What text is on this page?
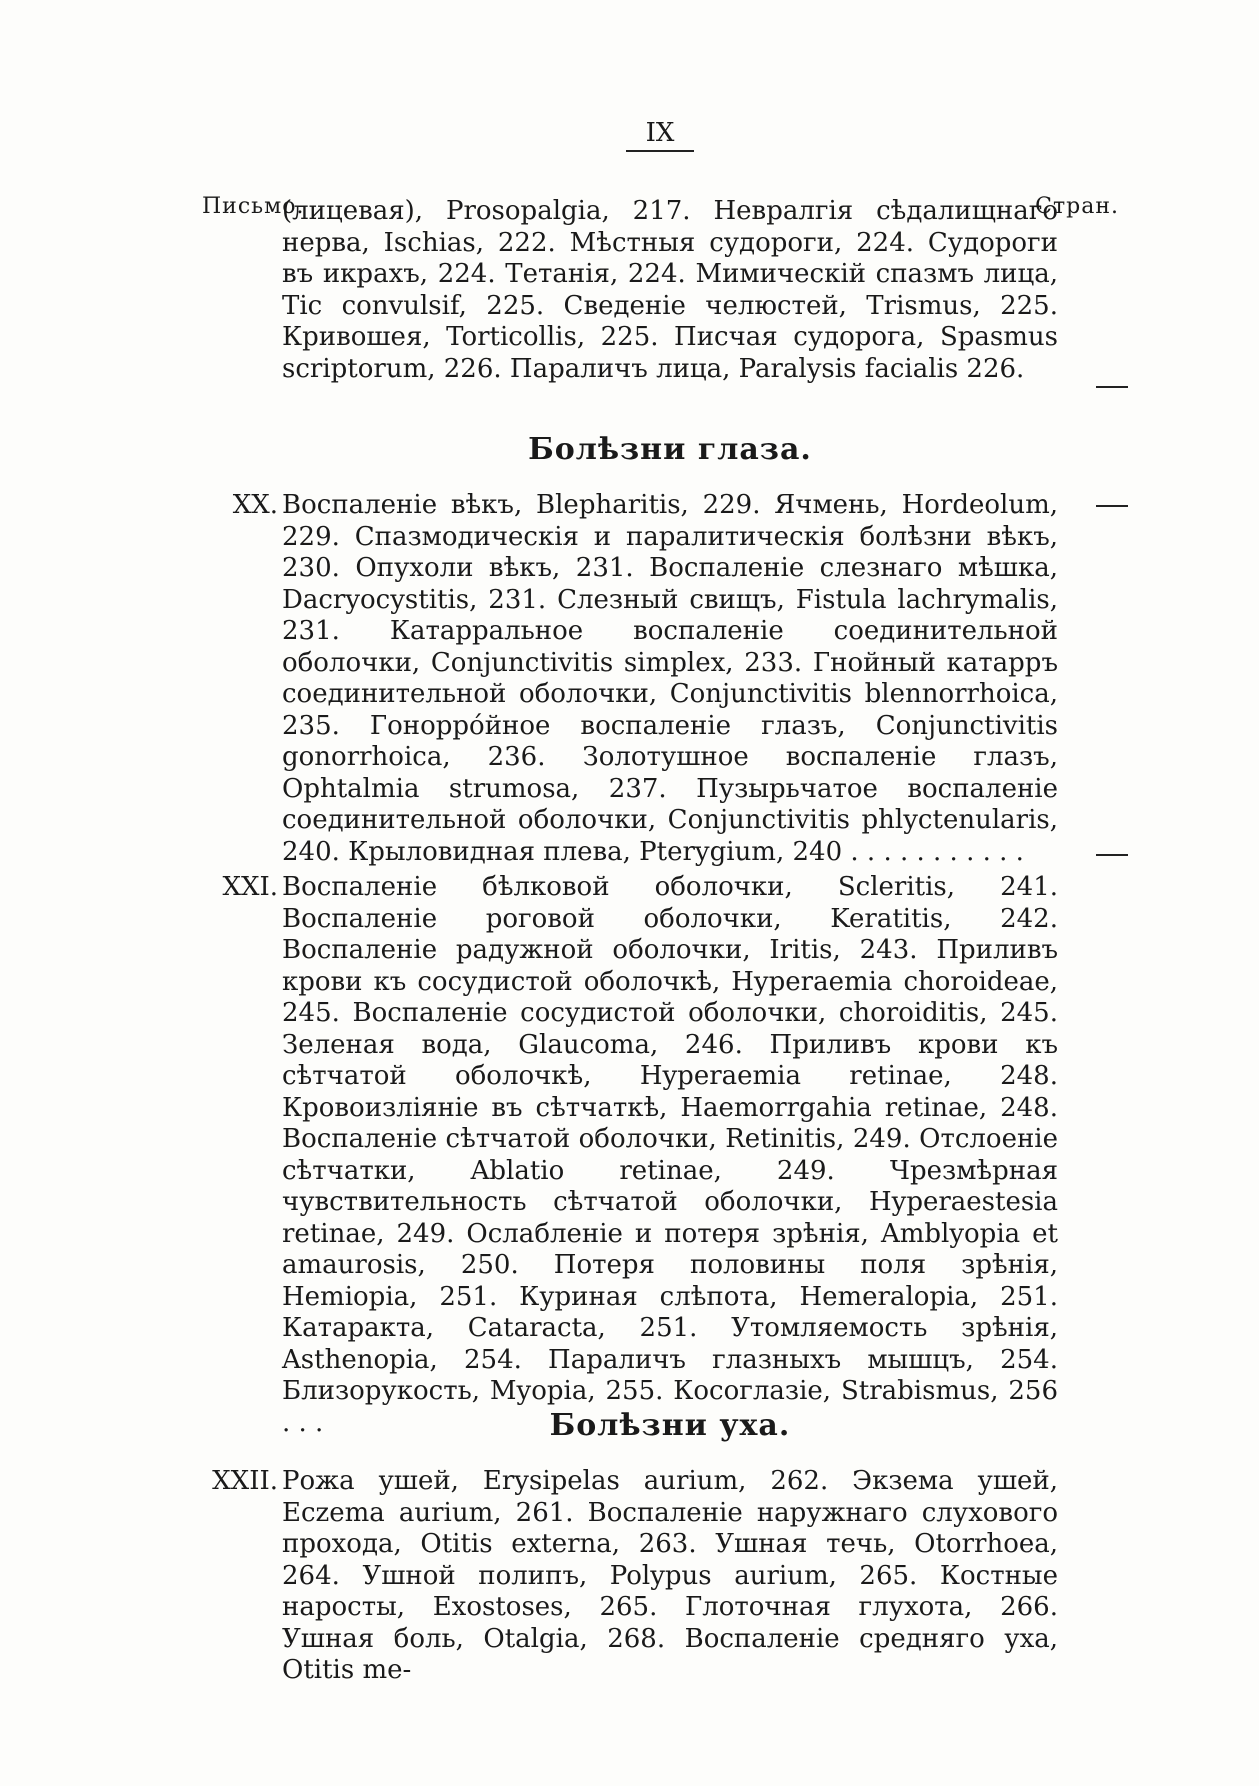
IX
Письмо.	Стран.
(лицевая), Prosopalgia, 217. Невралгія сѣдалищнаго нерва, Ischias, 222. Мѣстныя судороги, 224. Судороги въ икрахъ, 224. Тетанія, 224. Мимическій спазмъ лица, Tic convulsif, 225. Сведеніе челюстей, Trismus, 225. Кривошея, Torticollis, 225. Писчая судорога, Spasmus scriptorum, 226. Параличъ лица, Paralysis facialis 226.
Болѣзни глаза.
XX. Воспаленіе вѣкъ, Blepharitis, 229. Ячмень, Hordeolum, 229. Спазмодическія и паралитическія болѣзни вѣкъ, 230. Опухоли вѣкъ, 231. Воспаленіе слезнаго мѣшка, Dacryocystitis, 231. Слезный свищъ, Fistula lachrymalis, 231. Катарральное воспаленіе соединительной оболочки, Conjunctivitis simplex, 233. Гнойный катарръ соединительной оболочки, Conjunctivitis blennorrhoica, 235. Гоноррόйное воспаленіе глазъ, Conjunctivitis gonorrhoica, 236. Золотушное воспаленіе глазъ, Ophtalmia strumosa, 237. Пузырьчатое воспаленіе соединительной оболочки, Conjunctivitis phlyctenularis, 240. Крыловидная плева, Pterygium, 240 . . . . . . . . . . .
XXI. Воспаленіе бѣлковой оболочки, Scleritis, 241. Воспаленіе роговой оболочки, Keratitis, 242. Воспаленіе радужной оболочки, Iritis, 243. Приливъ крови къ сосудистой оболочкѣ, Hyperaemia choroideae, 245. Воспаленіе сосудистой оболочки, choroiditis, 245. Зеленая вода, Glaucoma, 246. Приливъ крови къ сѣтчатой оболочкѣ, Hyperaemia retinae, 248. Кровоизлiяніе въ сѣтчаткѣ, Haemorrgahia retinae, 248. Воспаленіе сѣтчатой оболочки, Retinitis, 249. Отслоеніе сѣтчатки, Ablatio retinae, 249. Чрезмѣрная чувствительность сѣтчатой оболочки, Hyperaestesia retinae, 249. Ослабленіе и потеря зрѣнія, Amblyopia et amaurosis, 250. Потеря половины поля зрѣнія, Hemiopia, 251. Куриная слѣпота, Hemeralopia, 251. Катаракта, Cataracta, 251. Утомляемость зрѣнія, Asthenopia, 254. Параличъ глазныхъ мышцъ, 254. Близорукость, Myopia, 255. Косоглазіе, Strabismus, 256 . . .	Болѣзни уха.
XXII. Рожа ушей, Erysipelas aurium, 262. Экзема ушей, Eczema aurium, 261. Воспаленіе наружнаго слухового прохода, Otitis externa, 263. Ушная течь, Otorrhoea, 264. Ушной полипъ, Polypus aurium, 265. Костные наросты, Exostoses, 265. Глоточная глухота, 266. Ушная боль, Otalgia, 268. Воспаленіе средняго уха, Otitis me-
